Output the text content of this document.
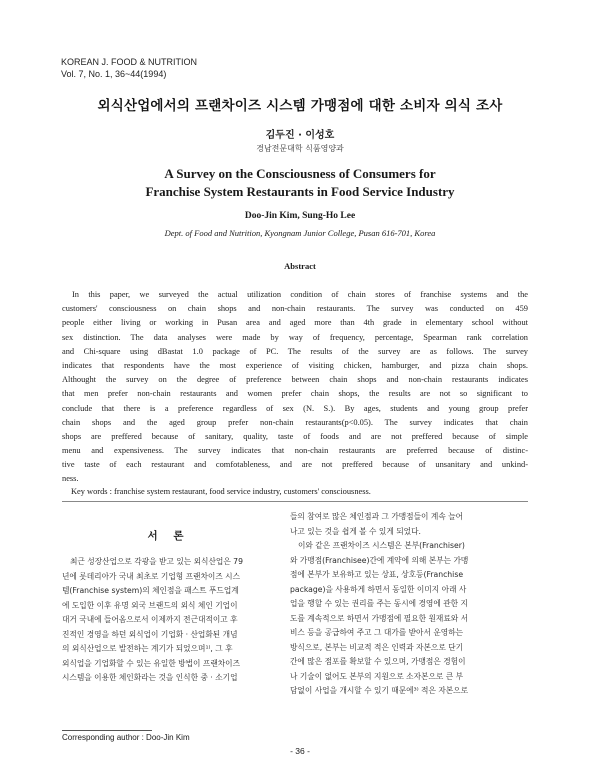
KOREAN J. FOOD & NUTRITION
Vol. 7, No. 1, 36~44(1994)
외식산업에서의 프랜차이즈 시스템 가맹점에 대한 소비자 의식 조사
김두진 · 이성호
경남전문대학 식품영양과
A Survey on the Consciousness of Consumers for
Franchise System Restaurants in Food Service Industry
Doo-Jin Kim, Sung-Ho Lee
Dept. of Food and Nutrition, Kyongnam Junior College, Pusan 616-701, Korea
Abstract
In this paper, we surveyed the actual utilization condition of chain stores of franchise systems and the
customers' consciousness on chain shops and non-chain restaurants. The survey was conducted on 459
people either living or working in Pusan area and aged more than 4th grade in elementary school without
sex distinction. The data analyses were made by way of frequency, percentage, Spearman rank correlation
and Chi-square using dBastat 1.0 package of PC. The results of the survey are as follows. The survey
indicates that respondents have the most experience of visiting chicken, hamburger, and pizza chain shops.
Althought the survey on the degree of preference between chain shops and non-chain restaurants indicates
that men prefer non-chain restaurants and women prefer chain shops, the results are not so significant to
conclude that there is a preference regardless of sex (N. S.). By ages, students and young group prefer
chain shops and the aged group prefer non-chain restaurants(p<0.05). The survey indicates that chain
shops are preffered because of sanitary, quality, taste of foods and are not preffered because of simple
menu and expensiveness. The survey indicates that non-chain restaurants are preferred because of distinc-
tive taste of each restaurant and comfotableness, and are not preffered because of unsanitary and unkind-
ness.
Key words : franchise system restaurant, food service industry, customers' consciousness.
서 론
최근 성장산업으로 각광을 받고 있는 외식산업은 79
년에 롯데리아가 국내 최초로 기업형 프랜차이즈 시스
템(Franchise system)의 체인점을 패스트 푸드업계
에 도입한 이후 유명 외국 브랜드의 외식 체인 기업이
대거 국내에 들어옴으로서 이제까지 전근대적이고 후
진적인 경영을 하던 외식업이 기업화 · 산업화된 개념
의 외식산업으로 발전하는 계기가 되었으며¹⁾, 그 후
외식업을 기업화할 수 있는 유일한 방법이 프랜차이즈
시스템을 이용한 체인화라는 것을 인식한 중 · 소기업
들의 참여로 많은 체인점과 그 가맹점들이 계속 늘어
나고 있는 것을 쉽게 볼 수 있게 되었다.
이와 같은 프랜차이즈 시스템은 본부(Franchiser)
와 가맹점(Franchisee)간에 계약에 의해 본부는 가맹
점에 본부가 보유하고 있는 상표, 상호등(Franchise
package)을 사용하게 하면서 동일한 이미지 아래 사
업을 행할 수 있는 권리를 주는 동시에 경영에 관한 지
도를 계속적으로 하면서 가맹점에 필요한 원재료와 서
비스 등을 공급하여 주고 그 대가를 받아서 운영하는
방식으로, 본부는 비교적 적은 인력과 자본으로 단기
간에 많은 점포를 확보할 수 있으며, 가맹점은 경험이
나 기술이 없어도 본부의 지원으로 소자본으로 큰 부
담없이 사업을 개시할 수 있기 때문에³⁾ 적은 자본으로
Corresponding author : Doo-Jin Kim
- 36 -
